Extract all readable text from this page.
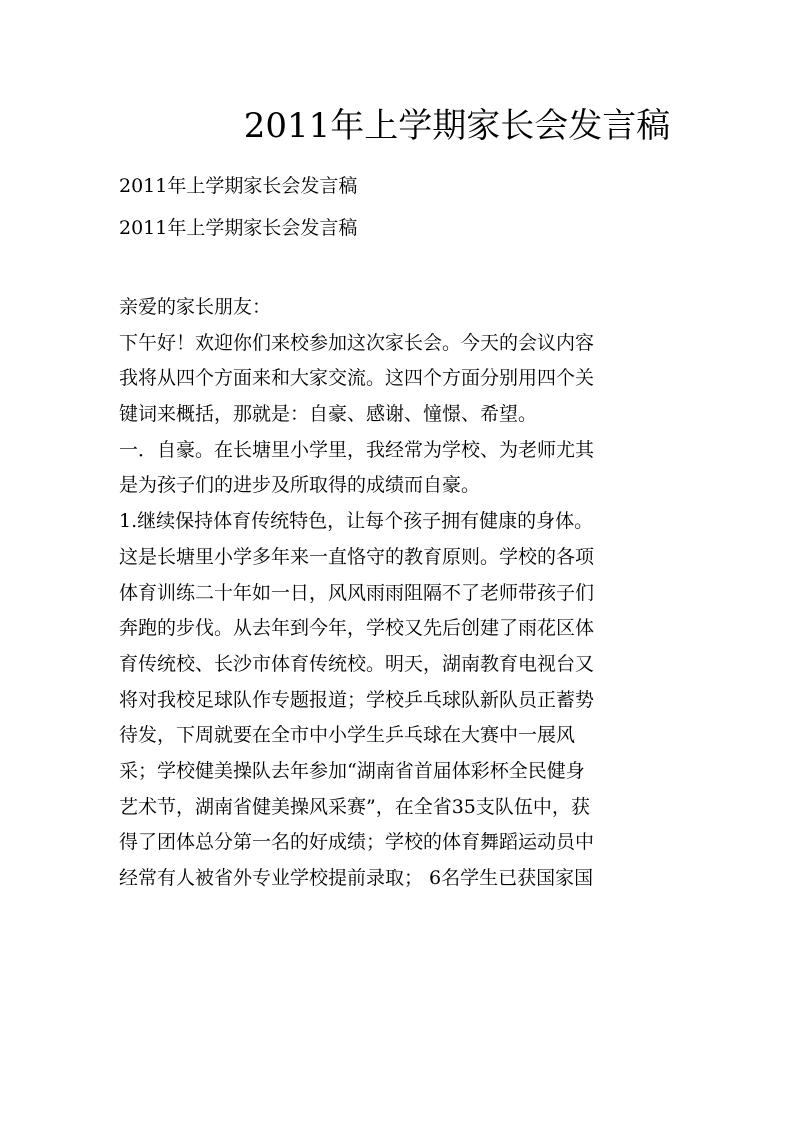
2011年上学期家长会发言稿
2011年上学期家长会发言稿
2011年上学期家长会发言稿
亲爱的家长朋友：
下午好！欢迎你们来校参加这次家长会。今天的会议内容
我将从四个方面来和大家交流。这四个方面分别用四个关
键词来概括，那就是：自豪、感谢、憧憬、希望。
一．自豪。在长塘里小学里，我经常为学校、为老师尤其
是为孩子们的进步及所取得的成绩而自豪。
1.继续保持体育传统特色，让每个孩子拥有健康的身体。
这是长塘里小学多年来一直恪守的教育原则。学校的各项
体育训练二十年如一日，风风雨雨阻隔不了老师带孩子们
奔跑的步伐。从去年到今年，学校又先后创建了雨花区体
育传统校、长沙市体育传统校。明天，湖南教育电视台又
将对我校足球队作专题报道；学校乒乓球队新队员正蓄势
待发，下周就要在全市中小学生乒乓球在大赛中一展风
采；学校健美操队去年参加“湖南省首届体彩杯全民健身
艺术节，湖南省健美操风采赛”，在全省35支队伍中，获
得了团体总分第一名的好成绩；学校的体育舞蹈运动员中
经常有人被省外专业学校提前录取； 6名学生已获国家国
